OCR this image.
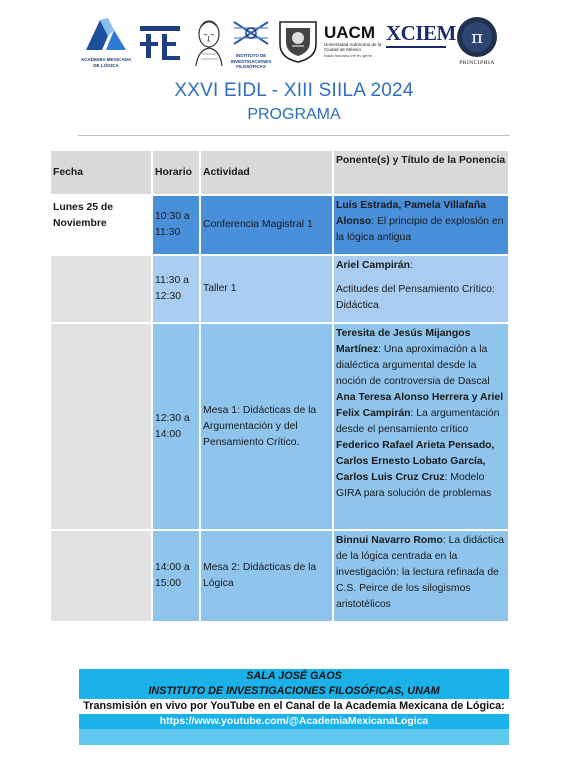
ACADEMIA MEXICANA DE LÓGICA
INSTITUTO DE INVESTIGACIONES FILOSÓFICAS
UACM
Universidad Autónoma de la Ciudad de México
Nada humano me es ajeno
XCIEM π
PRINCIPHIA
XXVI EIDL - XIII SIILA 2024
PROGRAMA
Fecha	Horario	Actividad	Ponente(s) y Título de la Ponencia
Lunes 25 de Noviembre	10:30 a 11:30	Conferencia Magistral 1	Luis Estrada, Pamela Villafaña Alonso: El principio de explosión en la lógica antigua
	11:30 a 12:30	Taller 1	Ariel Campirán:
Actitudes del Pensamiento Crítico: Didáctica
	12:30 a 14:00	Mesa 1: Didácticas de la Argumentación y del Pensamiento Crítico.	Teresita de Jesús Mijangos Martínez: Una aproximación a la dialéctica argumental desde la noción de controversia de Dascal
Ana Teresa Alonso Herrera y Ariel Felix Campirán: La argumentación desde el pensamiento crítico
Federico Rafael Arieta Pensado, Carlos Ernesto Lobato García, Carlos Luis Cruz Cruz: Modelo GIRA para solución de problemas
	14:00 a 15:00	Mesa 2: Didácticas de la Lógica	Binnui Navarro Romo: La didáctica de la lógica centrada en la investigación: la lectura refinada de C.S. Peirce de los silogismos aristotélicos
SALA JOSÉ GAOS
INSTITUTO DE INVESTIGACIONES FILOSÓFICAS, UNAM
Transmisión en vivo por YouTube en el Canal de la Academia Mexicana de Lógica:
https://www.youtube.com/@AcademiaMexicanaLogica
